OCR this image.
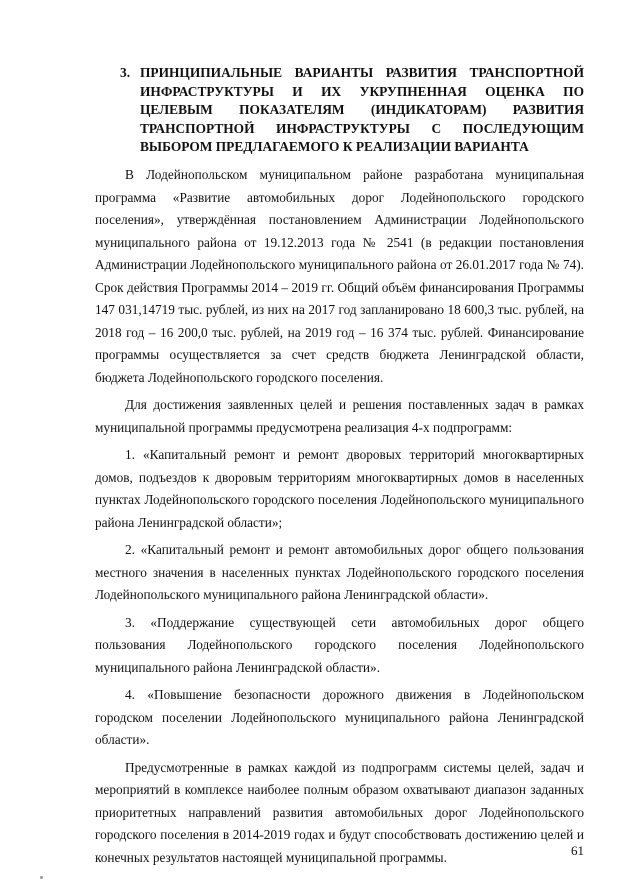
3. ПРИНЦИПИАЛЬНЫЕ ВАРИАНТЫ РАЗВИТИЯ ТРАНСПОРТНОЙ ИНФРАСТРУКТУРЫ И ИХ УКРУПНЕННАЯ ОЦЕНКА ПО ЦЕЛЕВЫМ ПОКАЗАТЕЛЯМ (ИНДИКАТОРАМ) РАЗВИТИЯ ТРАНСПОРТНОЙ ИНФРАСТРУКТУРЫ С ПОСЛЕДУЮЩИМ ВЫБОРОМ ПРЕДЛАГАЕМОГО К РЕАЛИЗАЦИИ ВАРИАНТА

В Лодейнопольском муниципальном районе разработана муниципальная программа «Развитие автомобильных дорог Лодейнопольского городского поселения», утверждённая постановлением Администрации Лодейнопольского муниципального района от 19.12.2013 года № 2541 (в редакции постановления Администрации Лодейнопольского муниципального района от 26.01.2017 года № 74). Срок действия Программы 2014 – 2019 гг. Общий объём финансирования Программы 147 031,14719 тыс. рублей, из них на 2017 год запланировано 18 600,3 тыс. рублей, на 2018 год – 16 200,0 тыс. рублей, на 2019 год – 16 374 тыс. рублей. Финансирование программы осуществляется за счет средств бюджета Ленинградской области, бюджета Лодейнопольского городского поселения.

Для достижения заявленных целей и решения поставленных задач в рамках муниципальной программы предусмотрена реализация 4-х подпрограмм:

1. «Капитальный ремонт и ремонт дворовых территорий многоквартирных домов, подъездов к дворовым территориям многоквартирных домов в населенных пунктах Лодейнопольского городского поселения Лодейнопольского муниципального района Ленинградской области»;

2. «Капитальный ремонт и ремонт автомобильных дорог общего пользования местного значения в населенных пунктах Лодейнопольского городского поселения Лодейнопольского муниципального района Ленинградской области».

3. «Поддержание существующей сети автомобильных дорог общего пользования Лодейнопольского городского поселения Лодейнопольского муниципального района Ленинградской области».

4. «Повышение безопасности дорожного движения в Лодейнопольском городском поселении Лодейнопольского муниципального района Ленинградской области».

Предусмотренные в рамках каждой из подпрограмм системы целей, задач и мероприятий в комплексе наиболее полным образом охватывают диапазон заданных приоритетных направлений развития автомобильных дорог Лодейнопольского городского поселения в 2014-2019 годах и будут способствовать достижению целей и конечных результатов настоящей муниципальной программы.	61
